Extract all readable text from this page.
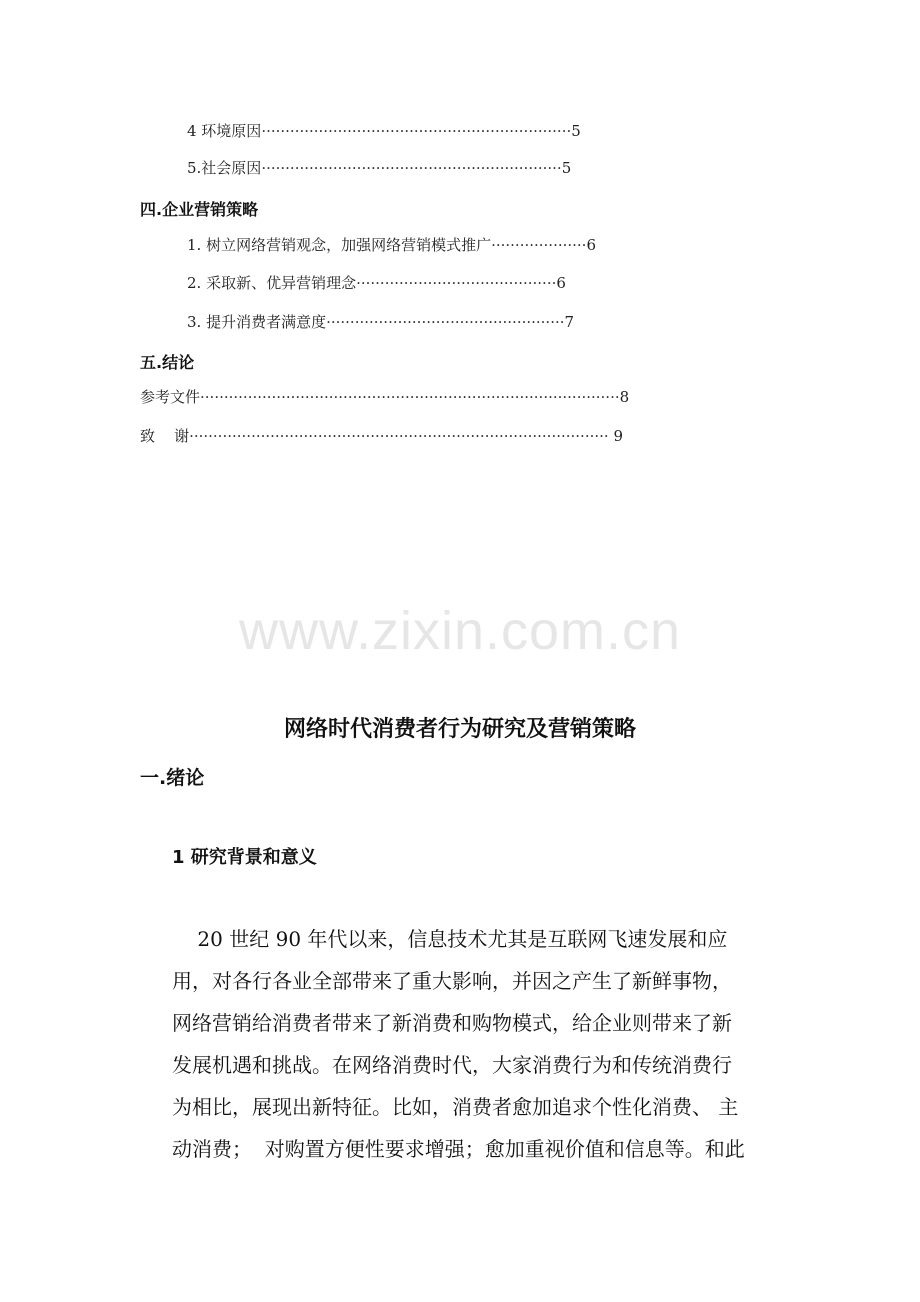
4 环境原因·································································5
5.社会原因·······························································5
四.企业营销策略
1. 树立网络营销观念，加强网络营销模式推广····················6
2. 采取新、优异营销理念··········································6
3. 提升消费者满意度··················································7
五.结论
参考文件························································································8
致    谢························································································ 9
www.zixin.com.cn
网络时代消费者行为研究及营销策略
一.绪论
1 研究背景和意义
20 世纪 90 年代以来，信息技术尤其是互联网飞速发展和应
用，对各行各业全部带来了重大影响，并因之产生了新鲜事物，
网络营销给消费者带来了新消费和购物模式，给企业则带来了新
发展机遇和挑战。在网络消费时代，大家消费行为和传统消费行
为相比，展现出新特征。比如，消费者愈加追求个性化消费、 主
动消费；  对购置方便性要求增强；愈加重视价值和信息等。和此
